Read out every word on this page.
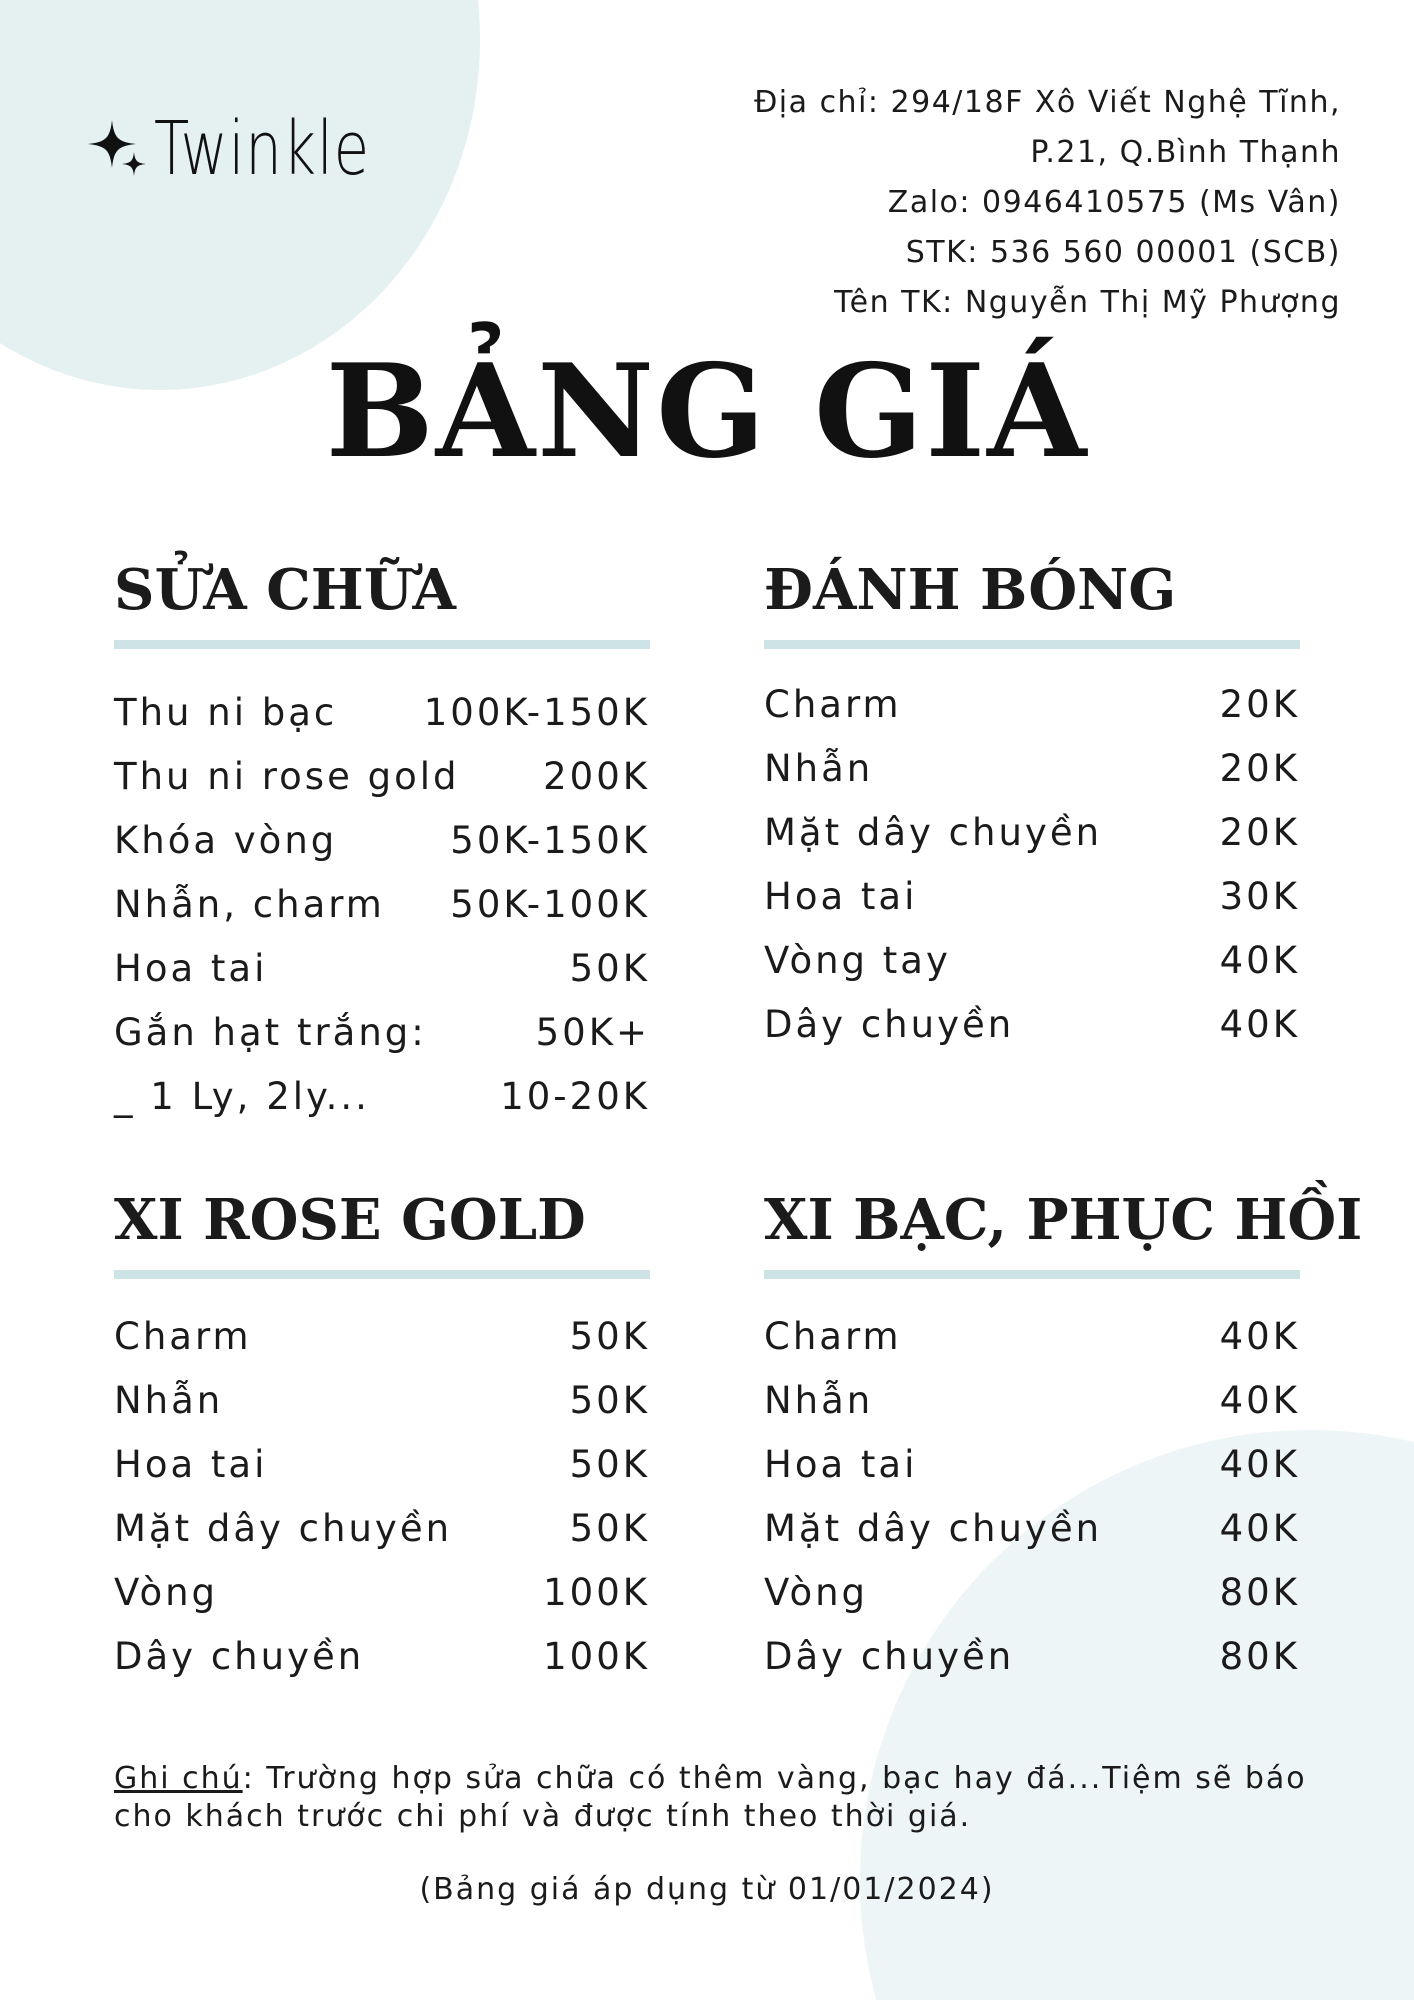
Twinkle
Địa chỉ: 294/18F Xô Viết Nghệ Tĩnh,
P.21, Q.Bình Thạnh
Zalo: 0946410575 (Ms Vân)
STK: 536 560 00001 (SCB)
Tên TK: Nguyễn Thị Mỹ Phượng
BẢNG GIÁ
SỬA CHỮA
Thu ni bạc 100K-150K
Thu ni rose gold 200K
Khóa vòng	50K-150K
Nhẫn, charm 50K-100K
Hoa tai	50K
Gắn hạt trắng:	50K+
_ 1 Ly, 2ly...	10-20K
ĐÁNH BÓNG
Charm	20K
Nhẫn	20K
Mặt dây chuyền	20K
Hoa tai	30K
Vòng tay	40K
Dây chuyền	40K
XI ROSE GOLD
Charm	50K
Nhẫn	50K
Hoa tai	50K
Mặt dây chuyền	50K
Vòng	100K
Dây chuyền	100K
XI BẠC, PHỤC HỒI
Charm	40K
Nhẫn	40K
Hoa tai	40K
Mặt dây chuyền	40K
Vòng	80K
Dây chuyền	80K
Ghi chú: Trường hợp sửa chữa có thêm vàng, bạc hay đá...Tiệm sẽ báo cho khách trước chi phí và được tính theo thời giá.
(Bảng giá áp dụng từ 01/01/2024)
